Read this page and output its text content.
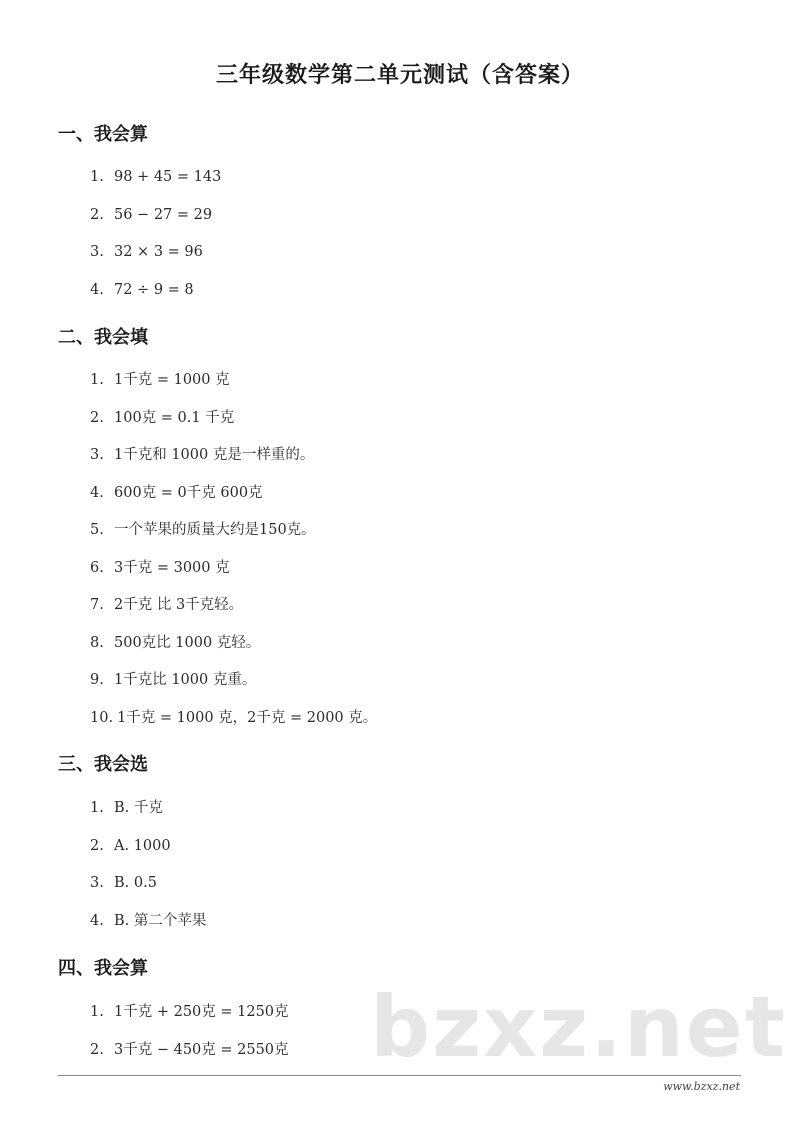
三年级数学第二单元测试（含答案）
一、我会算
1. 98 + 45 = 143
2. 56 − 27 = 29
3. 32 × 3 = 96
4. 72 ÷ 9 = 8
二、我会填
1. 1千克 = 1000 克
2. 100克 = 0.1 千克
3. 1千克和 1000 克是一样重的。
4. 600克 = 0千克 600克
5. 一个苹果的质量大约是150克。
6. 3千克 = 3000 克
7. 2千克 比 3千克轻。
8. 500克比 1000 克轻。
9. 1千克比 1000 克重。
10. 1千克 = 1000 克，2千克 = 2000 克。
三、我会选
1. B. 千克
2. A. 1000
3. B. 0.5
4. B. 第二个苹果
四、我会算
1. 1千克 + 250克 = 1250克
2. 3千克 − 450克 = 2550克 bzxz.net
www.bzxz.net
